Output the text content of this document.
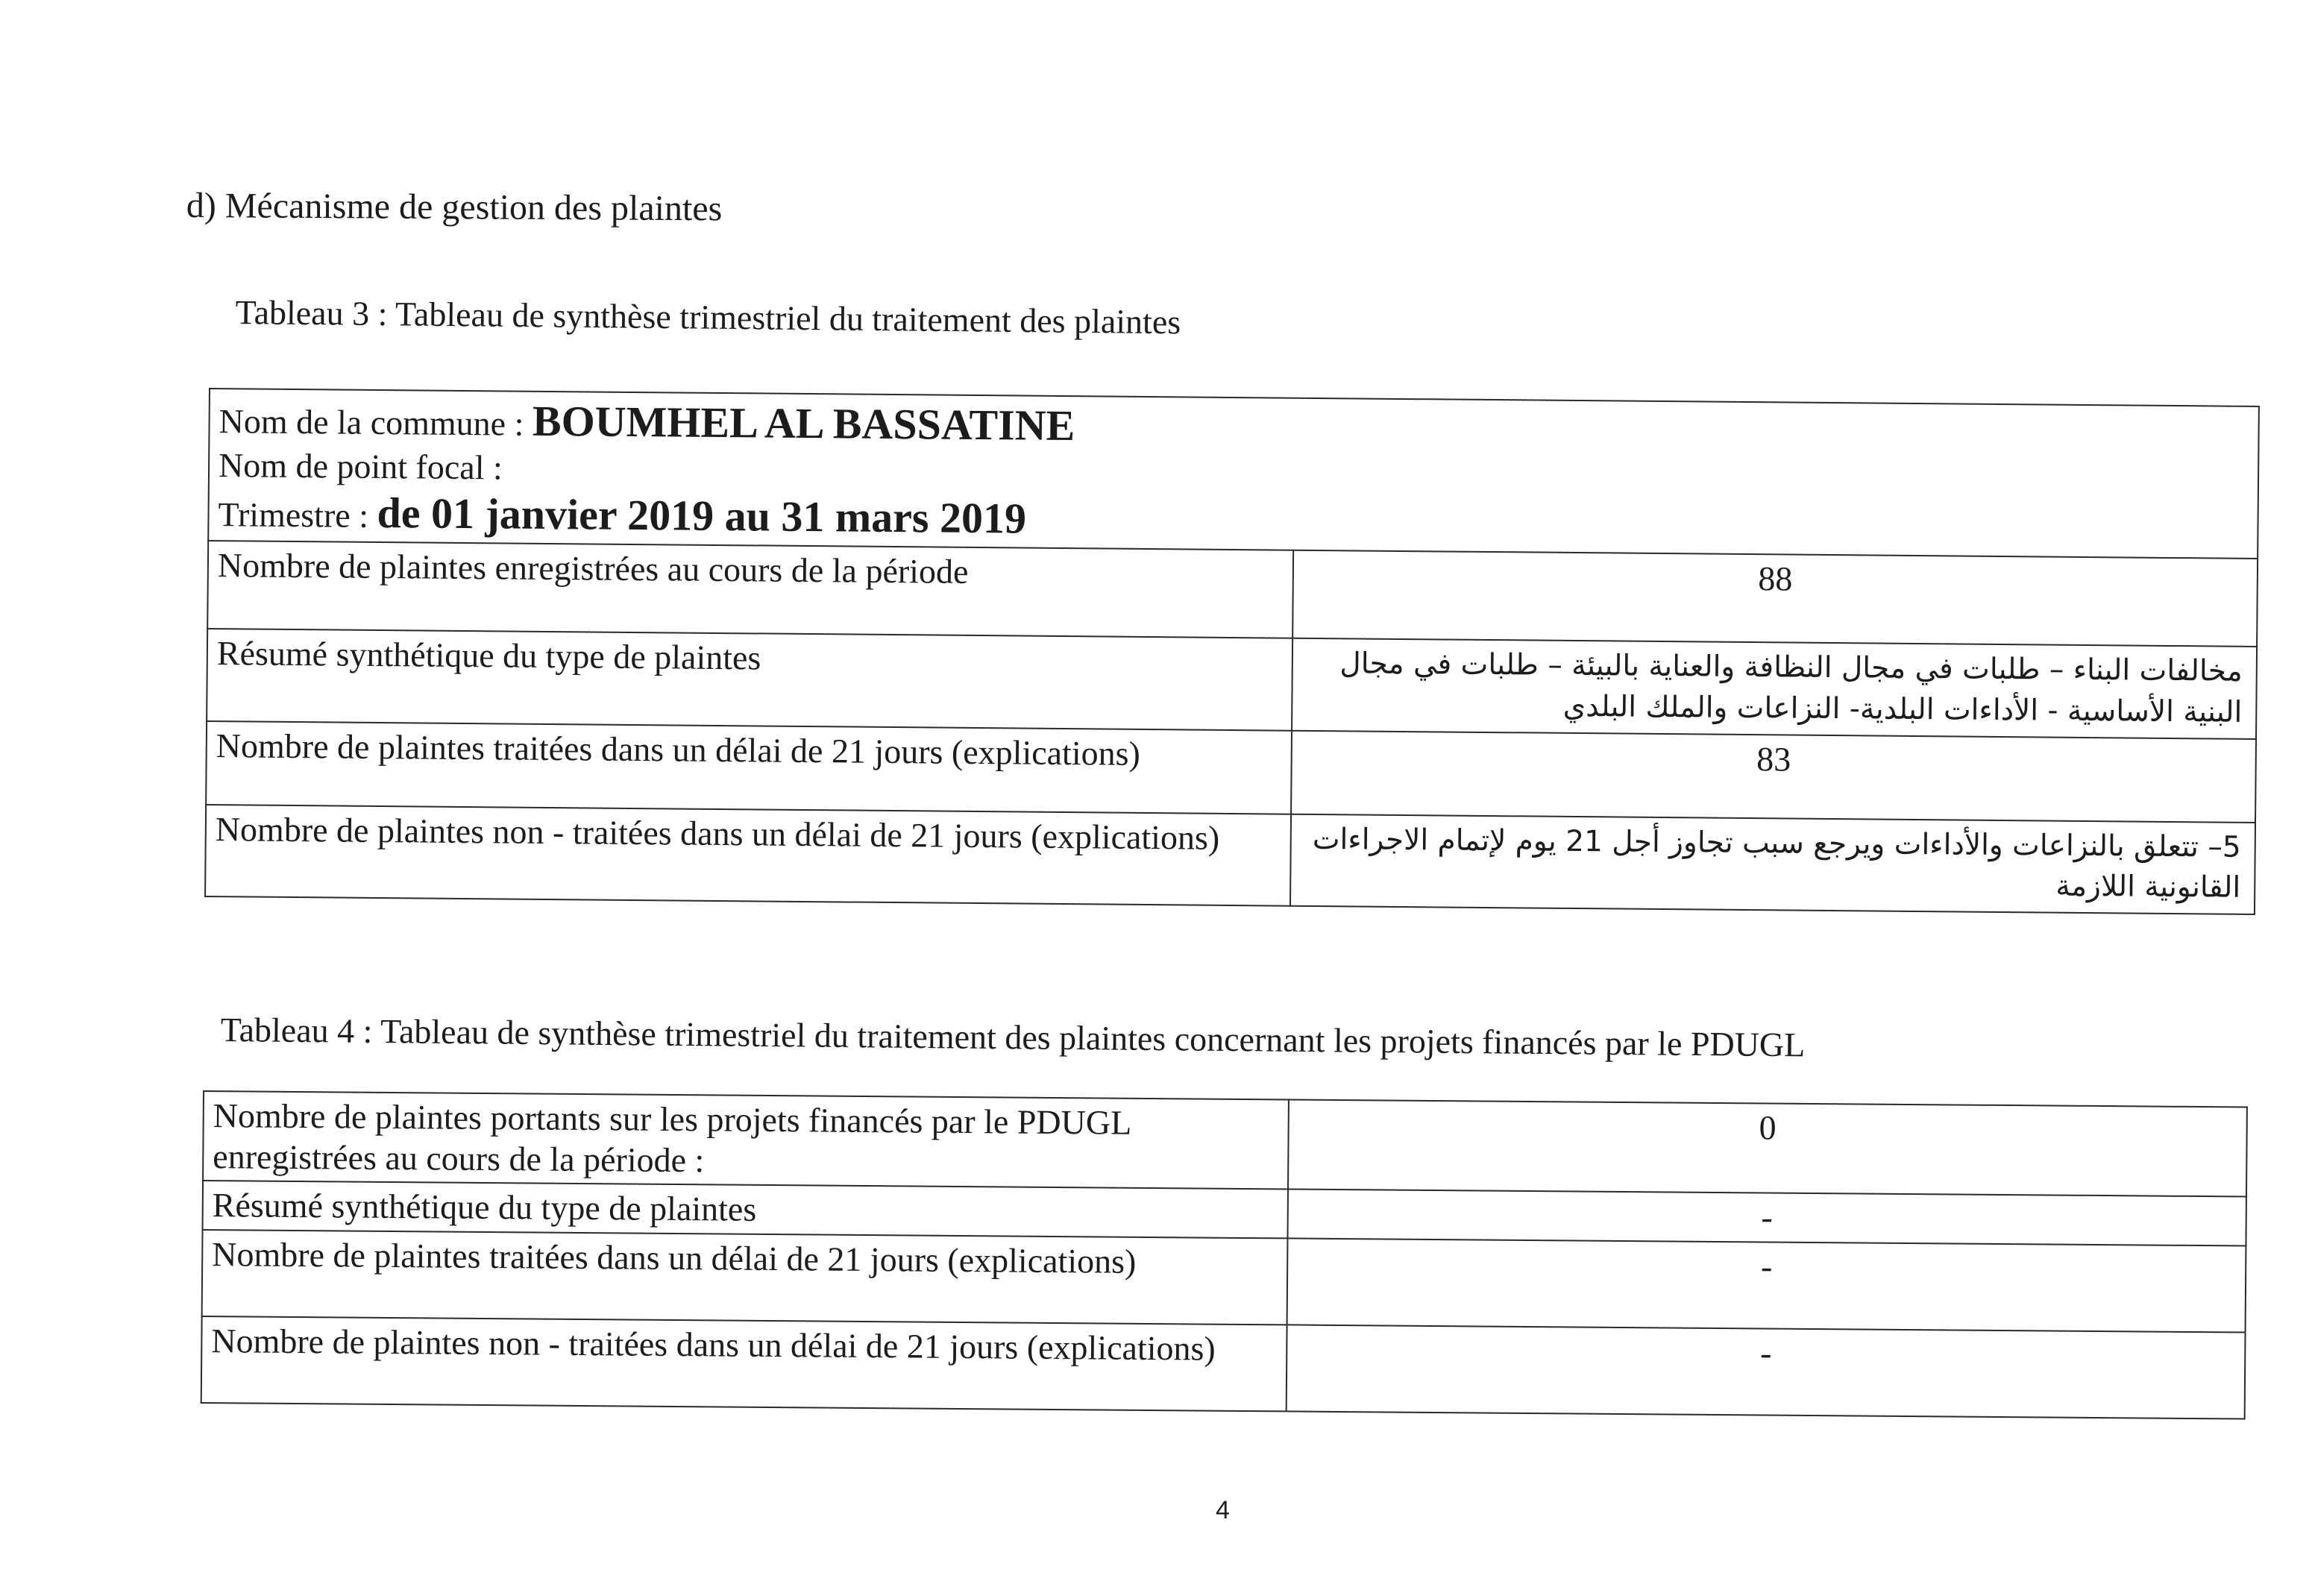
d) Mécanisme de gestion des plaintes
Tableau 3 : Tableau de synthèse trimestriel du traitement des plaintes
Nom de la commune : BOUMHEL AL BASSATINE
Nom de point focal :
Trimestre : de 01 janvier 2019 au 31 mars 2019	

Nombre de plaintes enregistrées au cours de la période	88
Résumé synthétique du type de plaintes	مخالفات البناء – طلبات في مجال النظافة والعناية بالبيئة – طلبات في مجال البنية الأساسية - الأداءات البلدية- النزاعات والملك البلدي
Nombre de plaintes traitées dans un délai de 21 jours (explications)	83
Nombre de plaintes non - traitées dans un délai de 21 jours (explications)	5– تتعلق بالنزاعات والأداءات ويرجع سبب تجاوز أجل 21 يوم لإتمام الاجراءات القانونية اللازمة
Tableau 4 : Tableau de synthèse trimestriel du traitement des plaintes concernant les projets financés par le PDUGL
Nombre de plaintes portants sur les projets financés par le PDUGL enregistrées au cours de la période :	0
Résumé synthétique du type de plaintes	-
Nombre de plaintes traitées dans un délai de 21 jours (explications)	-
Nombre de plaintes non - traitées dans un délai de 21 jours (explications)	-
4
